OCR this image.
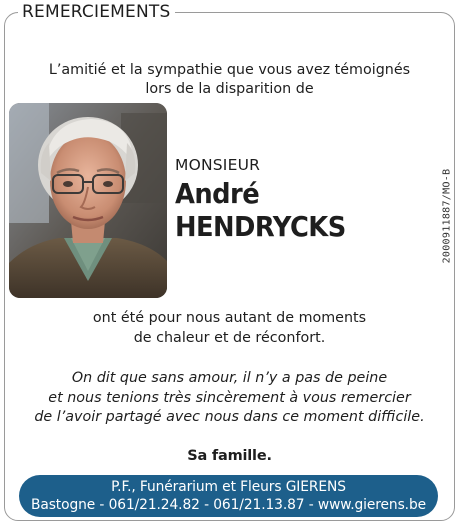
REMERCIEMENTS
L’amitié et la sympathie que vous avez témoignés
lors de la disparition de
MONSIEUR
André
HENDRYCKS	2000911887/MO-B
ont été pour nous autant de moments
de chaleur et de réconfort.
On dit que sans amour, il n’y a pas de peine
et nous tenions très sincèrement à vous remercier
de l’avoir partagé avec nous dans ce moment difficile.
Sa famille.
P.F., Funérarium et Fleurs GIERENS
Bastogne - 061/21.24.82 - 061/21.13.87 - www.gierens.be
